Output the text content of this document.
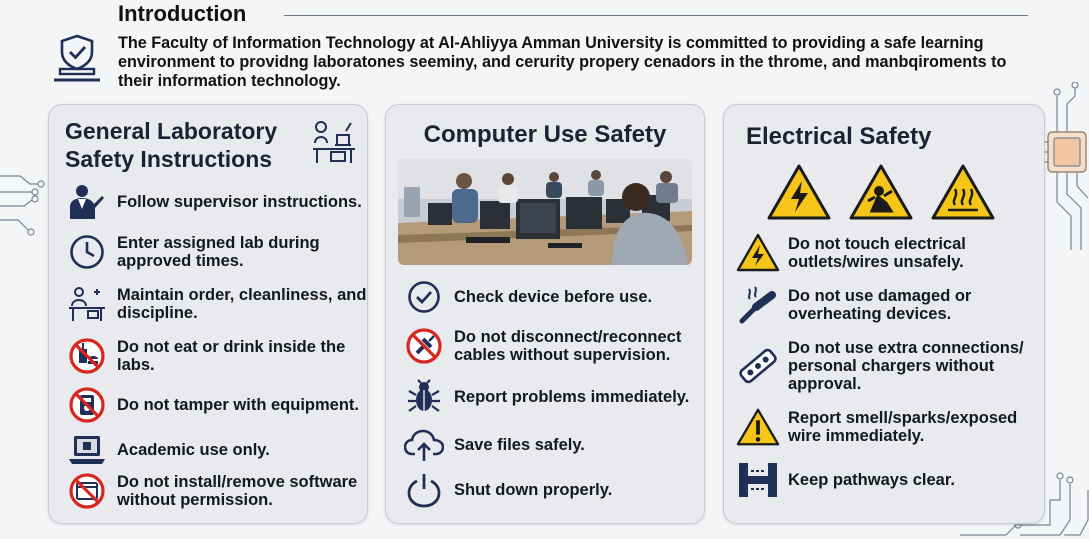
Introduction
The Faculty of Information Technology at Al-Ahliyya Amman University is committed to providing a safe learning environment to providng laboratones seeminy, and cerurity propery cenadors in the throme, and manbqiroments to their information technology.
General Laboratory Safety Instructions
Follow supervisor instructions.
Enter assigned lab during approved times.
Maintain order, cleanliness, and discipline.
Do not eat or drink inside the labs.
Do not tamper with equipment.
Academic use only.
Do not install/remove software without permission.
Computer Use Safety
Check device before use.
Do not disconnect/reconnect cables without supervision.
Report problems immediately.
Save files safely.
Shut down properly.
Electrical Safety
Do not touch electrical outlets/wires unsafely.
Do not use damaged or overheating devices.
Do not use extra connections/ personal chargers without approval.
Report smell/sparks/exposed wire immediately.
Keep pathways clear.
